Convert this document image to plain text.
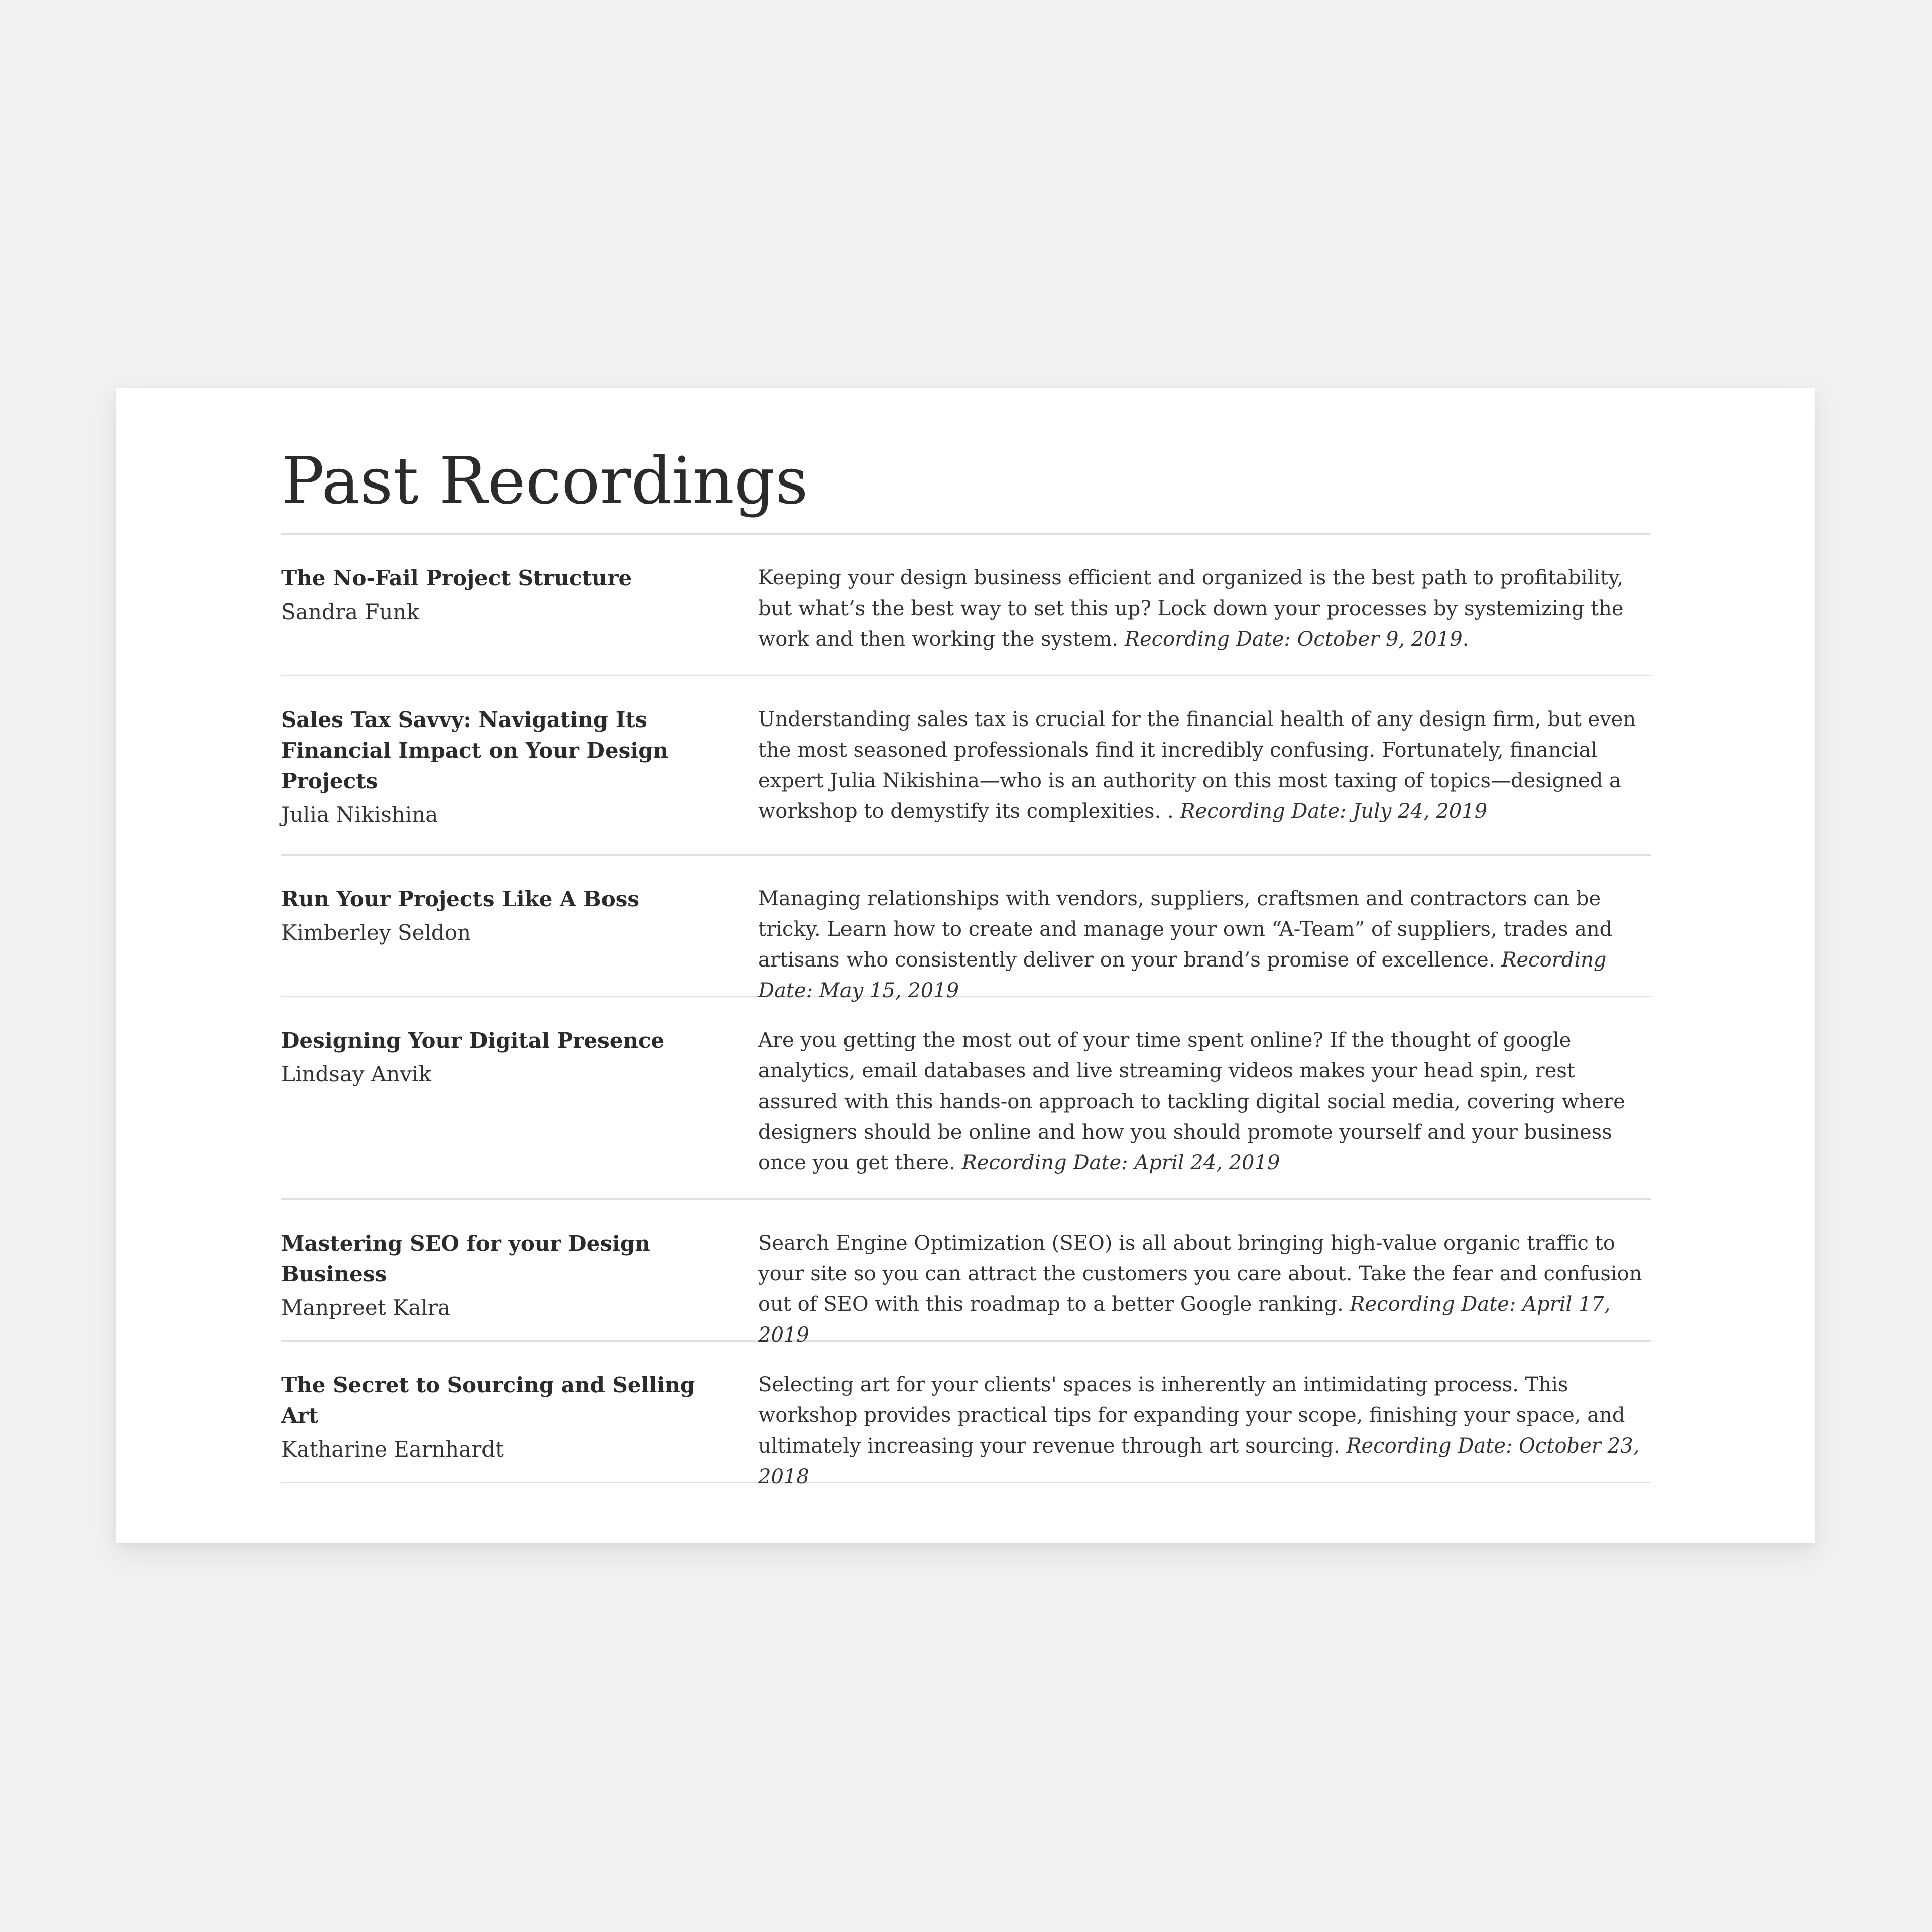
Past Recordings
The No-Fail Project Structure
Sandra Funk
Keeping your design business efficient and organized is the best path to profitability, but what’s the best way to set this up? Lock down your processes by systemizing the work and then working the system. Recording Date: October 9, 2019.
Sales Tax Savvy: Navigating Its Financial Impact on Your Design Projects
Julia Nikishina
Understanding sales tax is crucial for the financial health of any design firm, but even the most seasoned professionals find it incredibly confusing. Fortunately, financial expert Julia Nikishina—who is an authority on this most taxing of topics—designed a workshop to demystify its complexities. . Recording Date: July 24, 2019
Run Your Projects Like A Boss
Kimberley Seldon
Managing relationships with vendors, suppliers, craftsmen and contractors can be tricky. Learn how to create and manage your own “A-Team” of suppliers, trades and artisans who consistently deliver on your brand’s promise of excellence. Recording Date: May 15, 2019
Designing Your Digital Presence
Lindsay Anvik
Are you getting the most out of your time spent online? If the thought of google analytics, email databases and live streaming videos makes your head spin, rest assured with this hands-on approach to tackling digital social media, covering where designers should be online and how you should promote yourself and your business once you get there. Recording Date: April 24, 2019
Mastering SEO for your Design Business
Manpreet Kalra
Search Engine Optimization (SEO) is all about bringing high-value organic traffic to your site so you can attract the customers you care about. Take the fear and confusion out of SEO with this roadmap to a better Google ranking. Recording Date: April 17, 2019
The Secret to Sourcing and Selling Art
Katharine Earnhardt
Selecting art for your clients' spaces is inherently an intimidating process. This workshop provides practical tips for expanding your scope, finishing your space, and ultimately increasing your revenue through art sourcing. Recording Date: October 23, 2018
